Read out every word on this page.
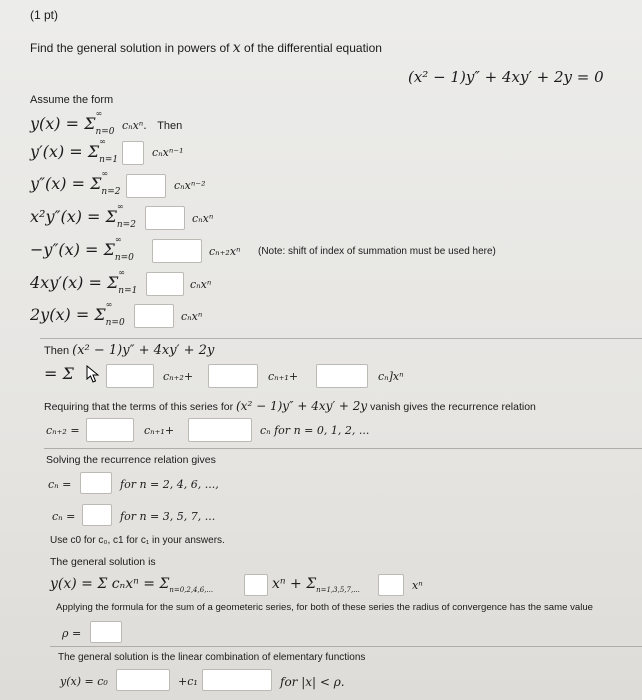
(1 pt)
Find the general solution in powers of x of the differential equation
(x² − 1)y″ + 4xy′ + 2y = 0
Assume the form
y(x) = Σ
∞
$_{n=0}$ cₙxⁿ. Then
y′(x) = Σ
∞
$_{n=1}$
cₙxⁿ⁻¹
y″(x) = Σ
∞
$_{n=2}$	cₙxⁿ⁻²
x²y″(x) = Σ
∞
$_{n=2}$	cₙxⁿ
−y″(x) = Σ
∞
$_{n=0}$	cₙ₊₂xⁿ (Note: shift of index of summation must be used here)
4xy′(x) = Σ
∞
$_{n=1}$	cₙxⁿ
2y(x) = Σ
∞
$_{n=0}$	cₙxⁿ
Then (x² − 1)y″ + 4xy′ + 2y
= Σ	cₙ₊₂+	cₙ₊₁+	cₙ]xⁿ
Requiring that the terms of this series for (x² − 1)y″ + 4xy′ + 2y vanish gives the recurrence relation
cₙ₊₂ =	cₙ₊₁+	cₙ for n = 0, 1, 2, ...
Solving the recurrence relation gives
cₙ =	for n = 2, 4, 6, ...,
cₙ =	for n = 3, 5, 7, ...
Use c0 for c₀, c1 for c₁ in your answers.
The general solution is
y(x) = Σ $c_nx^n = \Sigma_{n=0,2,4,6,...}$	$x^n + \Sigma_{n=1,3,5,7,...}$	xⁿ
Applying the formula for the sum of a geometeric series, for both of these series the radius of convergence has the same value
ρ =
The general solution is the linear combination of elementary functions
y(x) = c₀	+c₁	for |x| < ρ.
